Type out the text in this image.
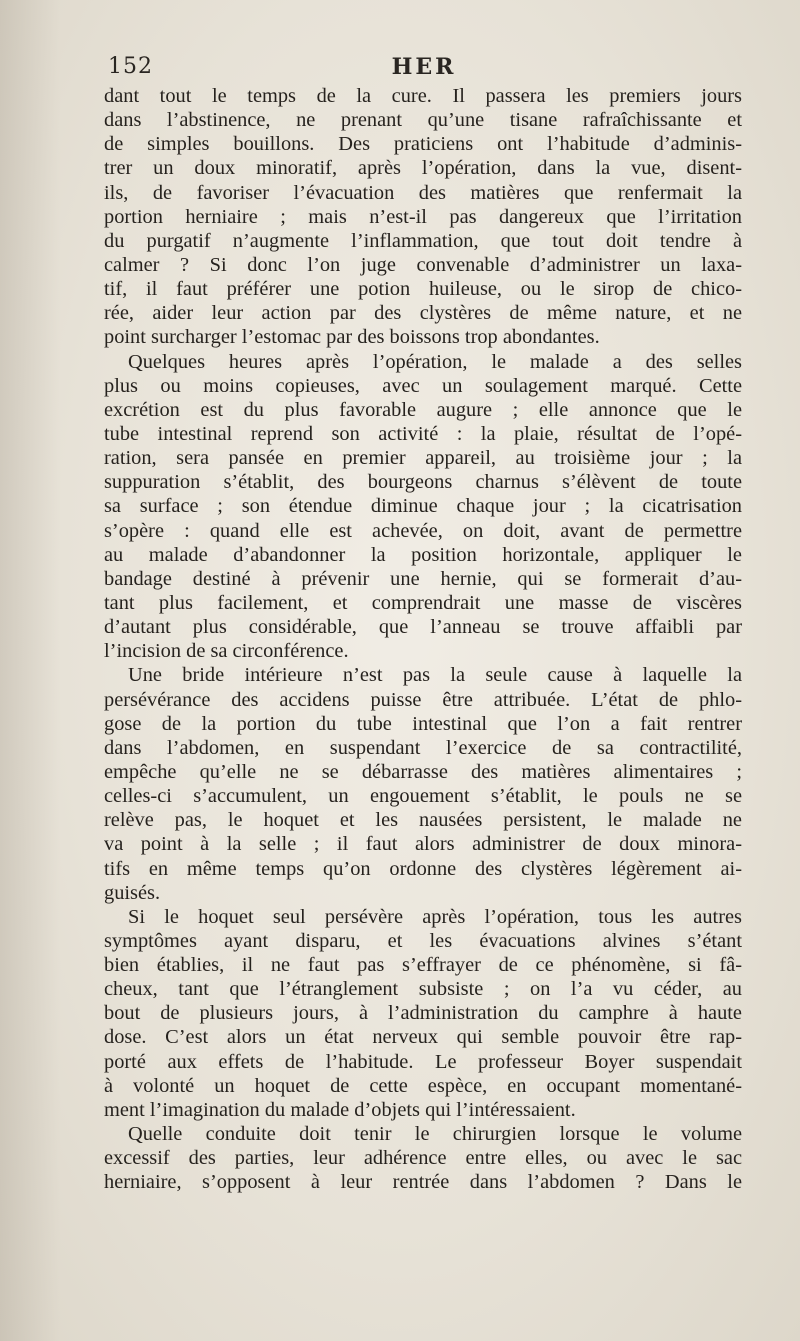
152	HER
dant tout le temps de la cure. Il passera les premiers jours
dans l’abstinence, ne prenant qu’une tisane rafraîchissante et
de simples bouillons. Des praticiens ont l’habitude d’adminis-
trer un doux minoratif, après l’opération, dans la vue, disent-
ils, de favoriser l’évacuation des matières que renfermait la
portion herniaire ; mais n’est-il pas dangereux que l’irritation
du purgatif n’augmente l’inflammation, que tout doit tendre à
calmer ? Si donc l’on juge convenable d’administrer un laxa-
tif, il faut préférer une potion huileuse, ou le sirop de chico-
rée, aider leur action par des clystères de même nature, et ne
point surcharger l’estomac par des boissons trop abondantes.
Quelques heures après l’opération, le malade a des selles
plus ou moins copieuses, avec un soulagement marqué. Cette
excrétion est du plus favorable augure ; elle annonce que le
tube intestinal reprend son activité : la plaie, résultat de l’opé-
ration, sera pansée en premier appareil, au troisième jour ; la
suppuration s’établit, des bourgeons charnus s’élèvent de toute
sa surface ; son étendue diminue chaque jour ; la cicatrisation
s’opère : quand elle est achevée, on doit, avant de permettre
au malade d’abandonner la position horizontale, appliquer le
bandage destiné à prévenir une hernie, qui se formerait d’au-
tant plus facilement, et comprendrait une masse de viscères
d’autant plus considérable, que l’anneau se trouve affaibli par
l’incision de sa circonférence.
Une bride intérieure n’est pas la seule cause à laquelle la
persévérance des accidens puisse être attribuée. L’état de phlo-
gose de la portion du tube intestinal que l’on a fait rentrer
dans l’abdomen, en suspendant l’exercice de sa contractilité,
empêche qu’elle ne se débarrasse des matières alimentaires ;
celles-ci s’accumulent, un engouement s’établit, le pouls ne se
relève pas, le hoquet et les nausées persistent, le malade ne
va point à la selle ; il faut alors administrer de doux minora-
tifs en même temps qu’on ordonne des clystères légèrement ai-
guisés.
Si le hoquet seul persévère après l’opération, tous les autres
symptômes ayant disparu, et les évacuations alvines s’étant
bien établies, il ne faut pas s’effrayer de ce phénomène, si fâ-
cheux, tant que l’étranglement subsiste ; on l’a vu céder, au
bout de plusieurs jours, à l’administration du camphre à haute
dose. C’est alors un état nerveux qui semble pouvoir être rap-
porté aux effets de l’habitude. Le professeur Boyer suspendait
à volonté un hoquet de cette espèce, en occupant momentané-
ment l’imagination du malade d’objets qui l’intéressaient.
Quelle conduite doit tenir le chirurgien lorsque le volume
excessif des parties, leur adhérence entre elles, ou avec le sac
herniaire, s’opposent à leur rentrée dans l’abdomen ? Dans le
